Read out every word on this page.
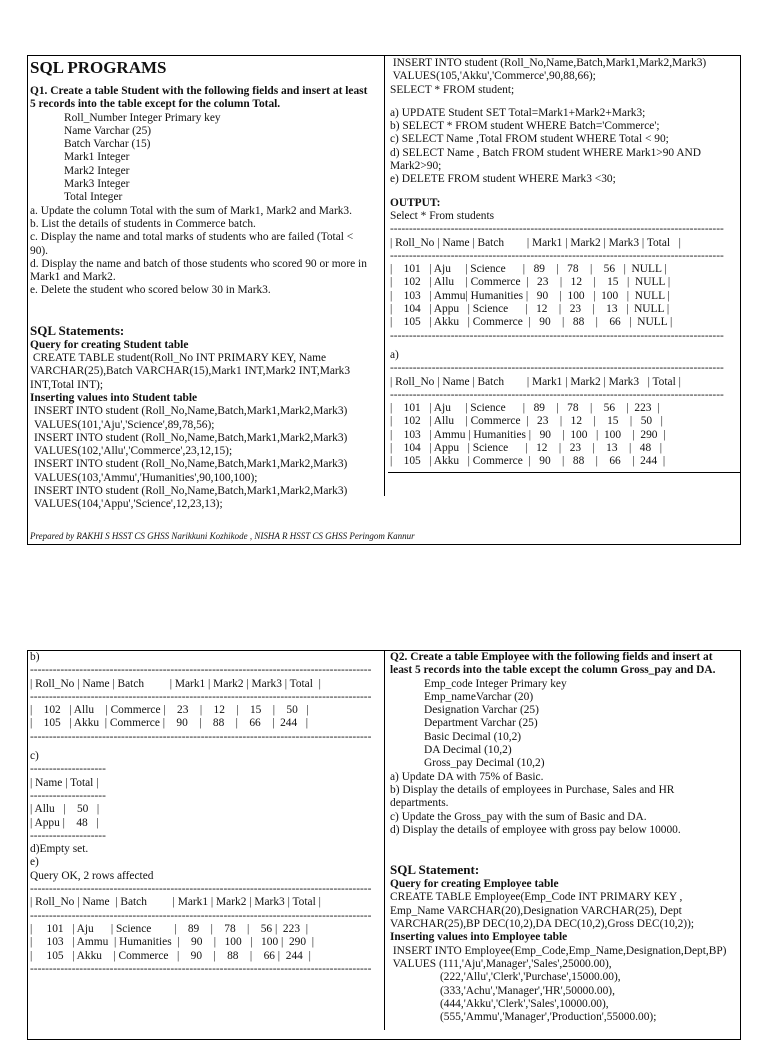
SQL PROGRAMS
Q1. Create a table Student with the following fields and insert at least
5 records into the table except for the column Total.
Roll_Number Integer Primary key
Name Varchar (25)
Batch Varchar (15)
Mark1 Integer
Mark2 Integer
Mark3 Integer
Total Integer
a. Update the column Total with the sum of Mark1, Mark2 and Mark3.
b. List the details of students in Commerce batch.
c. Display the name and total marks of students who are failed (Total <
90).
d. Display the name and batch of those students who scored 90 or more in
Mark1 and Mark2.
e. Delete the student who scored below 30 in Mark3.
SQL Statements:
Query for creating Student table
CREATE TABLE student(Roll_No INT PRIMARY KEY, Name
VARCHAR(25),Batch VARCHAR(15),Mark1 INT,Mark2 INT,Mark3
INT,Total INT);
Inserting values into Student table
INSERT INTO student (Roll_No,Name,Batch,Mark1,Mark2,Mark3)
VALUES(101,'Aju','Science',89,78,56);
INSERT INTO student (Roll_No,Name,Batch,Mark1,Mark2,Mark3)
VALUES(102,'Allu','Commerce',23,12,15);
INSERT INTO student (Roll_No,Name,Batch,Mark1,Mark2,Mark3)
VALUES(103,'Ammu','Humanities',90,100,100);
INSERT INTO student (Roll_No,Name,Batch,Mark1,Mark2,Mark3)
VALUES(104,'Appu','Science',12,23,13);
INSERT INTO student (Roll_No,Name,Batch,Mark1,Mark2,Mark3)
VALUES(105,'Akku','Commerce',90,88,66);
SELECT * FROM student;
a) UPDATE Student SET Total=Mark1+Mark2+Mark3;
b) SELECT * FROM student WHERE Batch='Commerce';
c) SELECT Name ,Total FROM student WHERE Total < 90;
d) SELECT Name , Batch FROM student WHERE Mark1>90 AND
Mark2>90;
e) DELETE FROM student WHERE Mark3 <30;
OUTPUT:
Select * From students
----------------------------------------------------------------------------------------
| Roll_No | Name | Batch        | Mark1 | Mark2 | Mark3 | Total   |
----------------------------------------------------------------------------------------
|    101   | Aju     | Science      |   89    |   78    |    56   |  NULL |
|    102   | Allu    | Commerce  |   23    |   12    |    15   |  NULL |
|    103   | Ammu| Humanities |   90    |  100   |  100   |  NULL |
|    104   | Appu   | Science      |   12    |   23    |    13   |  NULL |
|    105   | Akku   | Commerce  |   90    |   88    |    66   |  NULL |
----------------------------------------------------------------------------------------
a)
----------------------------------------------------------------------------------------
| Roll_No | Name | Batch        | Mark1 | Mark2 | Mark3   | Total |
----------------------------------------------------------------------------------------
|    101   | Aju     | Science      |   89    |   78    |    56    |  223  |
|    102   | Allu    | Commerce  |   23    |   12    |    15    |   50   |
|    103   | Ammu | Humanities |   90    |  100   |  100    |  290  |
|    104   | Appu   | Science      |   12    |   23    |    13    |   48   |
|    105   | Akku   | Commerce  |   90    |   88    |    66    |  244  |
Prepared by RAKHI S HSST CS GHSS Narikkuni Kozhikode , NISHA R HSST CS GHSS Peringom Kannur
b)
------------------------------------------------------------------------------------------
| Roll_No | Name | Batch         | Mark1 | Mark2 | Mark3 | Total  |
------------------------------------------------------------------------------------------
|    102   | Allu    | Commerce |    23    |    12    |    15    |    50   |
|    105   | Akku  | Commerce |    90    |    88    |    66    |  244   |
------------------------------------------------------------------------------------------
c)
--------------------
| Name | Total |
--------------------
| Allu   |    50   |
| Appu |    48   |
--------------------
d)Empty set.
e)
Query OK, 2 rows affected
------------------------------------------------------------------------------------------
| Roll_No | Name  | Batch         | Mark1 | Mark2 | Mark3 | Total |
------------------------------------------------------------------------------------------
|     101   | Aju      | Science        |    89    |    78    |    56 |  223  |
|     103   | Ammu  | Humanities  |    90    |   100   |   100 |  290  |
|     105   | Akku    | Commerce   |    90    |    88    |    66 |  244  |
------------------------------------------------------------------------------------------
Q2. Create a table Employee with the following fields and insert at
least 5 records into the table except the column Gross_pay and DA.
Emp_code Integer Primary key
Emp_nameVarchar (20)
Designation Varchar (25)
Department Varchar (25)
Basic Decimal (10,2)
DA Decimal (10,2)
Gross_pay Decimal (10,2)
a) Update DA with 75% of Basic.
b) Display the details of employees in Purchase, Sales and HR
departments.
c) Update the Gross_pay with the sum of Basic and DA.
d) Display the details of employee with gross pay below 10000.
SQL Statement:
Query for creating Employee table
CREATE TABLE Employee(Emp_Code INT PRIMARY KEY ,
Emp_Name VARCHAR(20),Designation VARCHAR(25), Dept
VARCHAR(25),BP DEC(10,2),DA DEC(10,2),Gross DEC(10,2));
Inserting values into Employee table
INSERT INTO Employee(Emp_Code,Emp_Name,Designation,Dept,BP)
VALUES (111,'Aju',Manager','Sales',25000.00),
(222,'Allu','Clerk','Purchase',15000.00),
(333,'Achu','Manager','HR',50000.00),
(444,'Akku','Clerk','Sales',10000.00),
(555,'Ammu','Manager','Production',55000.00);
